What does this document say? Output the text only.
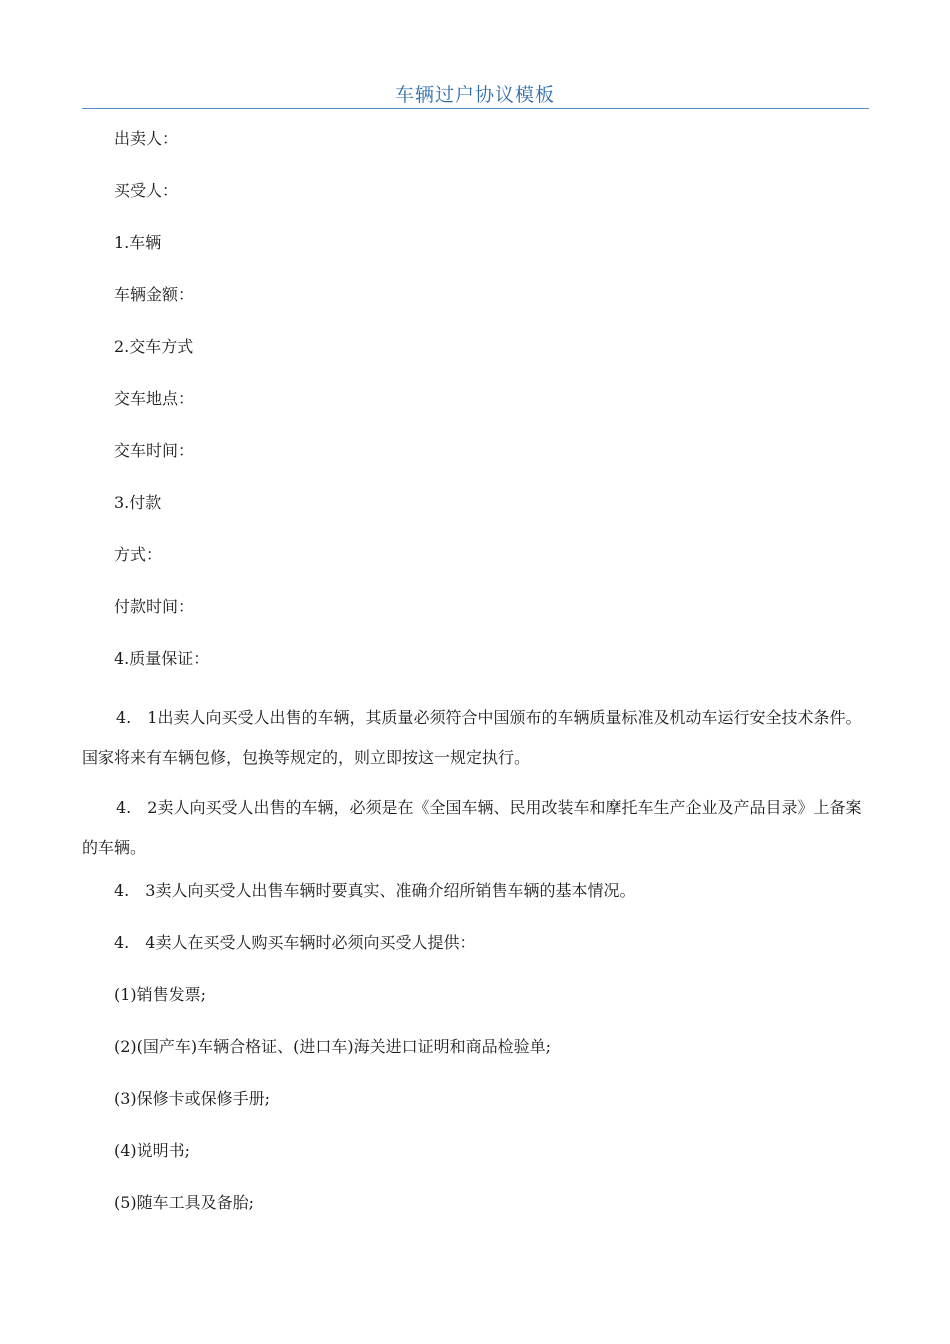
车辆过户协议模板

出卖人：

买受人：

1.车辆

车辆金额：

2.交车方式

交车地点：

交车时间：

3.付款

方式：

付款时间：

4.质量保证：

4.　1出卖人向买受人出售的车辆，其质量必须符合中国颁布的车辆质量标准及机动车运行安全技术条件。国家将来有车辆包修，包换等规定的，则立即按这一规定执行。

4.　2卖人向买受人出售的车辆，必须是在《全国车辆、民用改装车和摩托车生产企业及产品目录》上备案的车辆。

4.　3卖人向买受人出售车辆时要真实、准确介绍所销售车辆的基本情况。

4.　4卖人在买受人购买车辆时必须向买受人提供：

(1)销售发票;

(2)(国产车)车辆合格证、(进口车)海关进口证明和商品检验单;

(3)保修卡或保修手册;

(4)说明书;

(5)随车工具及备胎;
